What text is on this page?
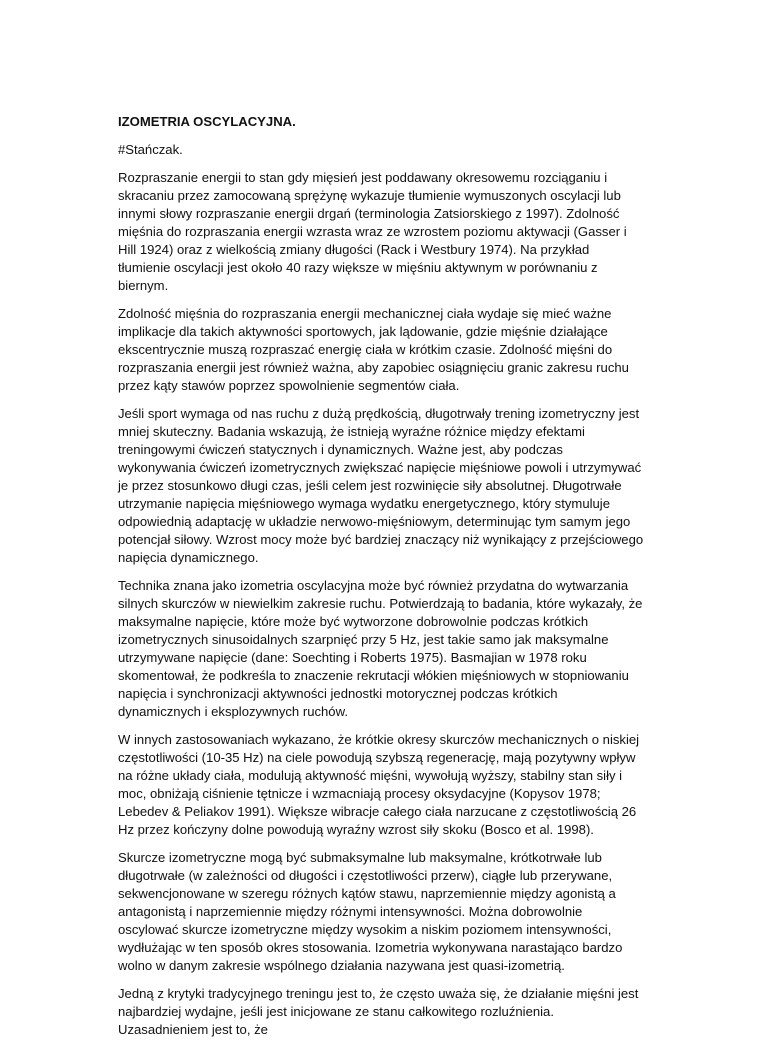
IZOMETRIA OSCYLACYJNA.

#Stańczak.

Rozpraszanie energii to stan gdy mięsień jest poddawany okresowemu rozciąganiu i skracaniu przez zamocowaną sprężynę wykazuje tłumienie wymuszonych oscylacji lub innymi słowy rozpraszanie energii drgań (terminologia Zatsiorskiego z 1997). Zdolność mięśnia do rozpraszania energii wzrasta wraz ze wzrostem poziomu aktywacji (Gasser i Hill 1924) oraz z wielkością zmiany długości (Rack i Westbury 1974). Na przykład tłumienie oscylacji jest około 40 razy większe w mięśniu aktywnym w porównaniu z biernym.

Zdolność mięśnia do rozpraszania energii mechanicznej ciała wydaje się mieć ważne implikacje dla takich aktywności sportowych, jak lądowanie, gdzie mięśnie działające ekscentrycznie muszą rozpraszać energię ciała w krótkim czasie. Zdolność mięśni do rozpraszania energii jest również ważna, aby zapobiec osiągnięciu granic zakresu ruchu przez kąty stawów poprzez spowolnienie segmentów ciała.

Jeśli sport wymaga od nas ruchu z dużą prędkością, długotrwały trening izometryczny jest mniej skuteczny. Badania wskazują, że istnieją wyraźne różnice między efektami treningowymi ćwiczeń statycznych i dynamicznych. Ważne jest, aby podczas wykonywania ćwiczeń izometrycznych zwiększać napięcie mięśniowe powoli i utrzymywać je przez stosunkowo długi czas, jeśli celem jest rozwinięcie siły absolutnej. Długotrwałe utrzymanie napięcia mięśniowego wymaga wydatku energetycznego, który stymuluje odpowiednią adaptację w układzie nerwowo-mięśniowym, determinując tym samym jego potencjał siłowy. Wzrost mocy może być bardziej znaczący niż wynikający z przejściowego napięcia dynamicznego.

Technika znana jako izometria oscylacyjna może być również przydatna do wytwarzania silnych skurczów w niewielkim zakresie ruchu. Potwierdzają to badania, które wykazały, że maksymalne napięcie, które może być wytworzone dobrowolnie podczas krótkich izometrycznych sinusoidalnych szarpnięć przy 5 Hz, jest takie samo jak maksymalne utrzymywane napięcie (dane: Soechting i Roberts 1975). Basmajian w 1978 roku skomentował, że podkreśla to znaczenie rekrutacji włókien mięśniowych w stopniowaniu napięcia i synchronizacji aktywności jednostki motorycznej podczas krótkich dynamicznych i eksplozywnych ruchów.

W innych zastosowaniach wykazano, że krótkie okresy skurczów mechanicznych o niskiej częstotliwości (10-35 Hz) na ciele powodują szybszą regenerację, mają pozytywny wpływ na różne układy ciała, modulują aktywność mięśni, wywołują wyższy, stabilny stan siły i moc, obniżają ciśnienie tętnicze i wzmacniają procesy oksydacyjne (Kopysov 1978; Lebedev & Peliakov 1991). Większe wibracje całego ciała narzucane z częstotliwością 26 Hz przez kończyny dolne powodują wyraźny wzrost siły skoku (Bosco et al. 1998).

Skurcze izometryczne mogą być submaksymalne lub maksymalne, krótkotrwałe lub długotrwałe (w zależności od długości i częstotliwości przerw), ciągłe lub przerywane, sekwencjonowane w szeregu różnych kątów stawu, naprzemiennie między agonistą a antagonistą i naprzemiennie między różnymi intensywności. Można dobrowolnie oscylować skurcze izometryczne między wysokim a niskim poziomem intensywności, wydłużając w ten sposób okres stosowania. Izometria wykonywana narastająco bardzo wolno w danym zakresie wspólnego działania nazywana jest quasi-izometrią.

Jedną z krytyki tradycyjnego treningu jest to, że często uważa się, że działanie mięśni jest najbardziej wydajne, jeśli jest inicjowane ze stanu całkowitego rozluźnienia. Uzasadnieniem jest to, że
